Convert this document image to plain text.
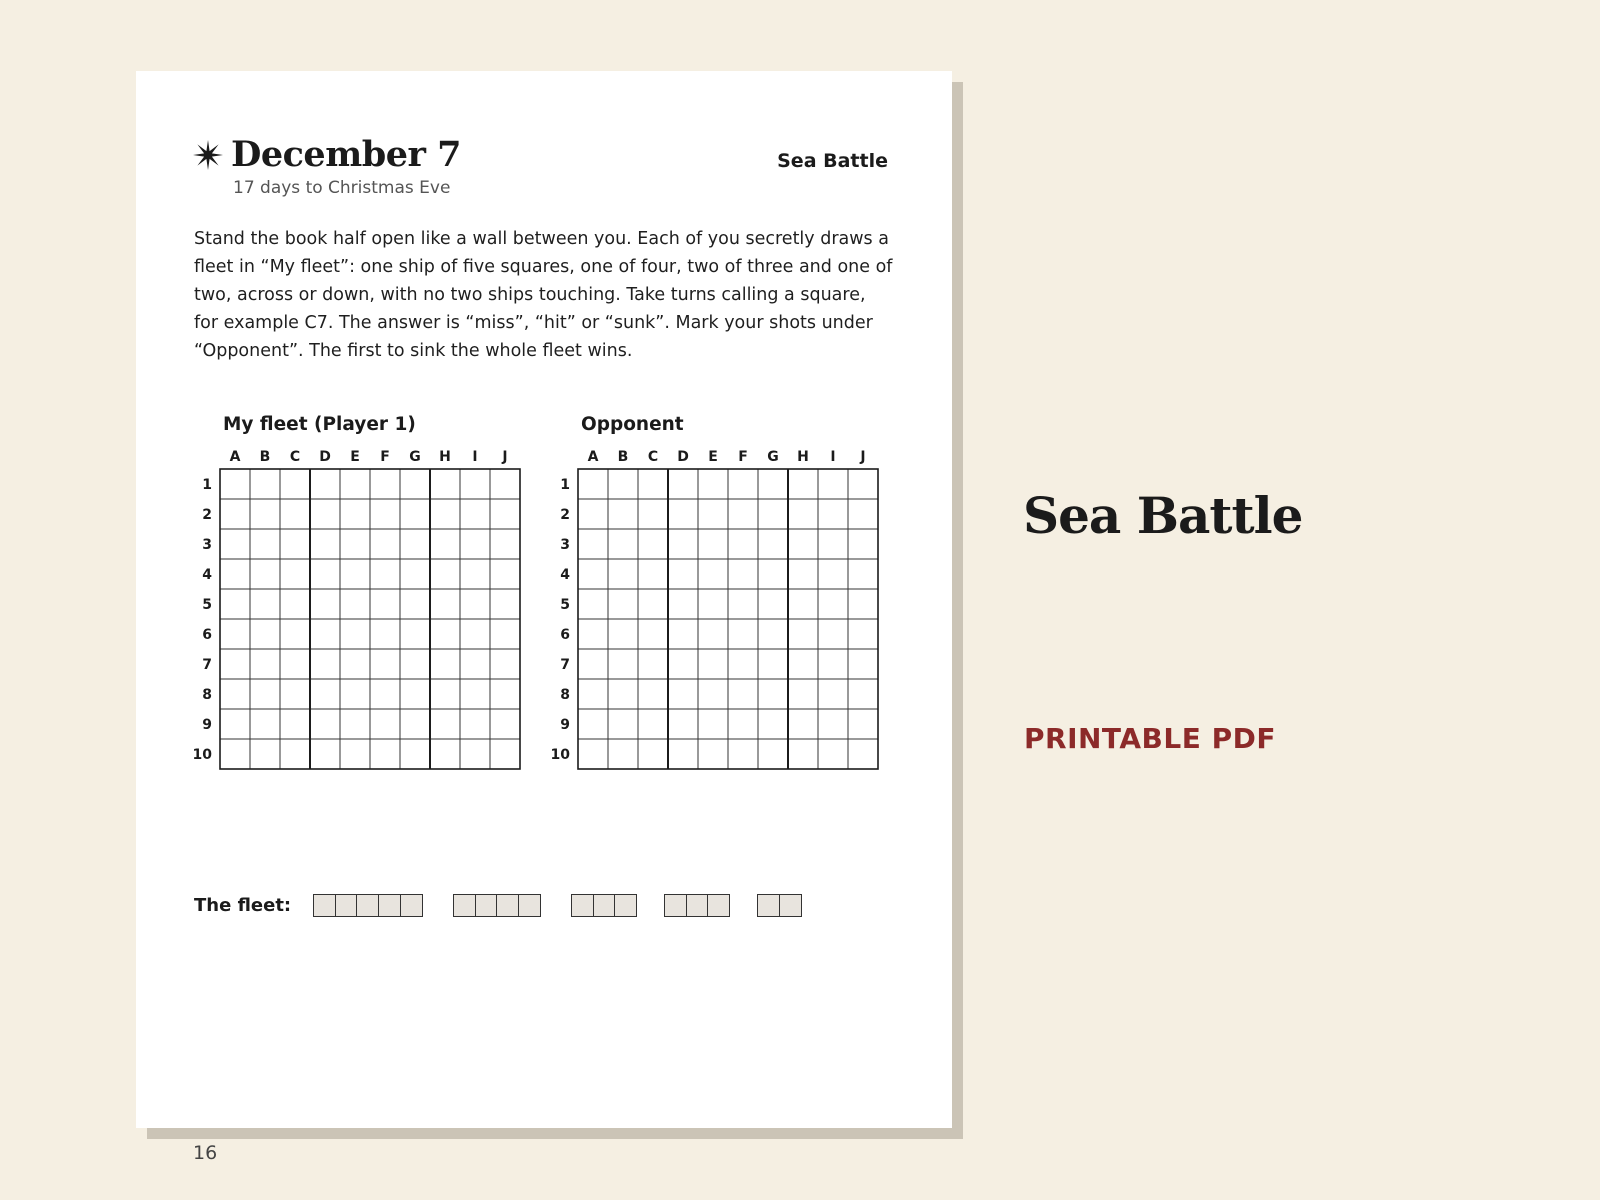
December 7
17 days to Christmas Eve
Sea Battle

Stand the book half open like a wall between you. Each of you secretly draws a fleet in “My fleet”: one ship of five squares, one of four, two of three and one of two, across or down, with no two ships touching. Take turns calling a square, for example C7. The answer is “miss”, “hit” or “sunk”. Mark your shots under “Opponent”. The first to sink the whole fleet wins.

My fleet (Player 1)	Opponent
A B C D E F G H I J
1
2
3
4
5
6
7
8
9
10
A B C D E F G H I J
1
2
3
4
5
6
7
8
9
10
The fleet:
16
Sea Battle
PRINTABLE PDF
